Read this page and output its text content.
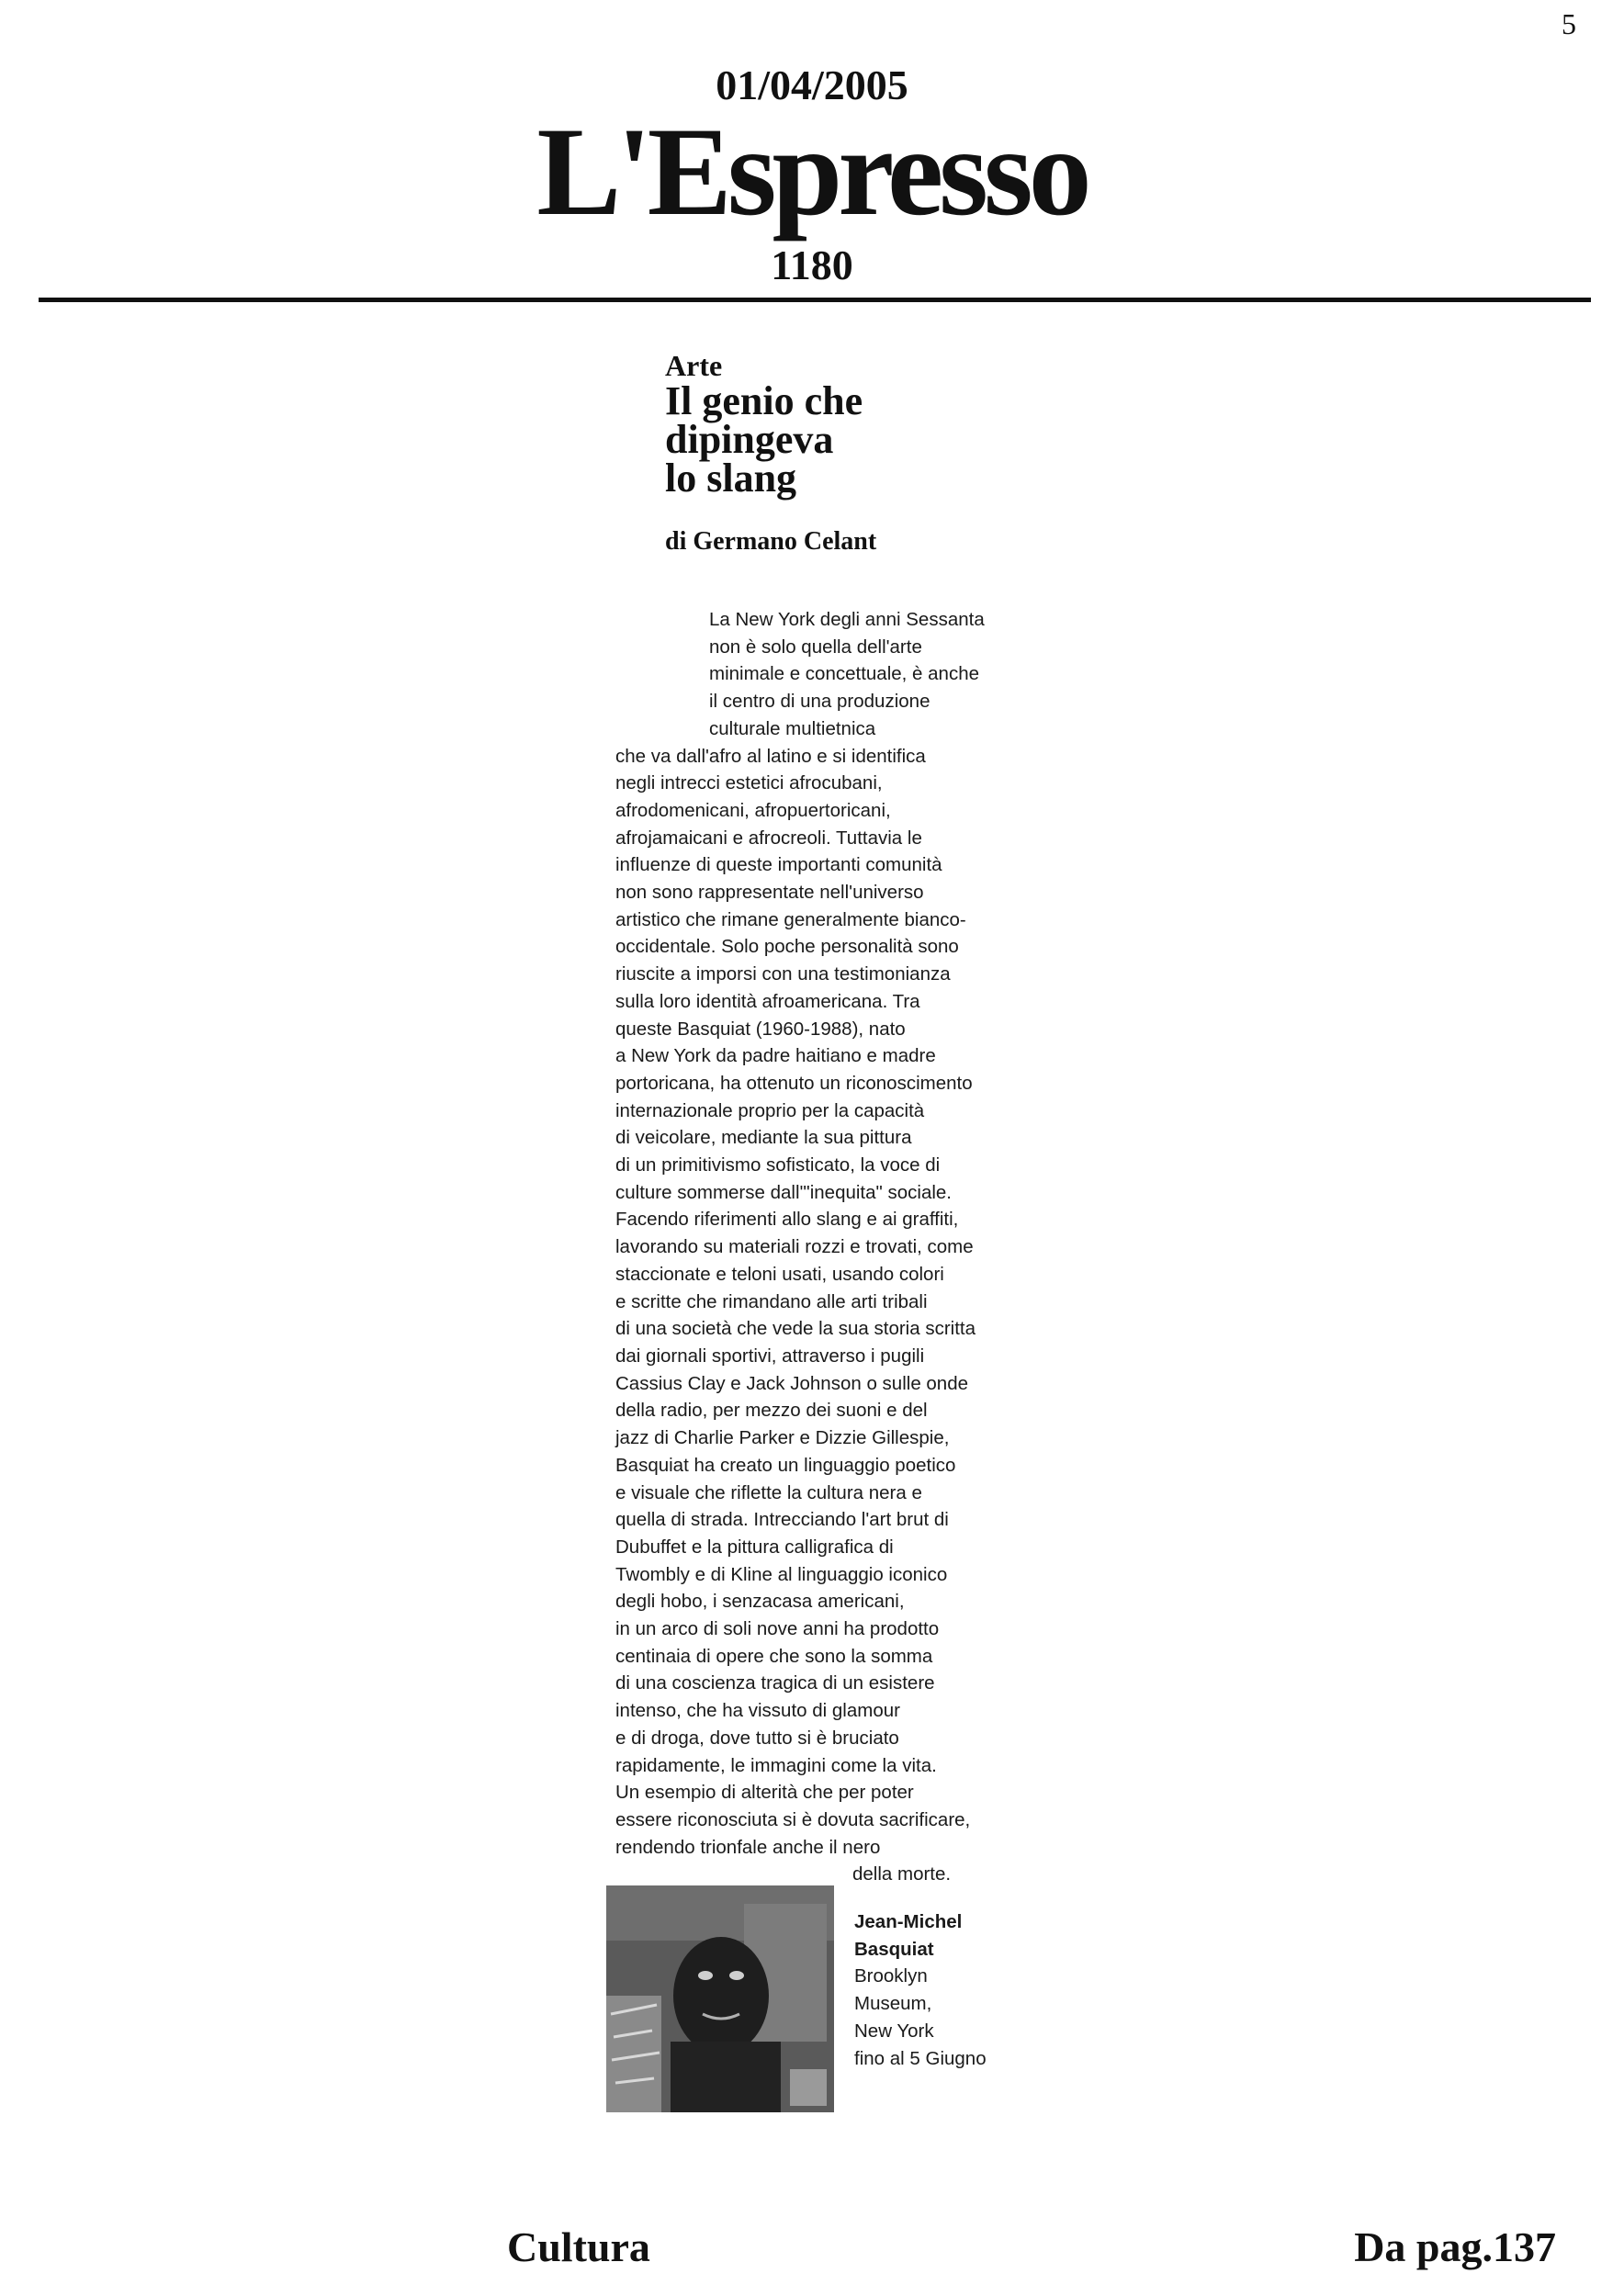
5
01/04/2005
L'Espresso
1180
Arte
Il genio che
dipingeva
lo slang
di Germano Celant
La New York degli anni Sessanta
non è solo quella dell'arte
minimale e concettuale, è anche
il centro di una produzione
culturale multietnica
che va dall'afro al latino e si identifica
negli intrecci estetici afrocubani,
afrodomenicani, afropuertoricani,
afrojamaicani e afrocreoli. Tuttavia le
influenze di queste importanti comunità
non sono rappresentate nell'universo
artistico che rimane generalmente bianco-
occidentale. Solo poche personalità sono
riuscite a imporsi con una testimonianza
sulla loro identità afroamericana. Tra
queste Basquiat (1960-1988), nato
a New York da padre haitiano e madre
portoricana, ha ottenuto un riconoscimento
internazionale proprio per la capacità
di veicolare, mediante la sua pittura
di un primitivismo sofisticato, la voce di
culture sommerse dall'"inequita" sociale.
Facendo riferimenti allo slang e ai graffiti,
lavorando su materiali rozzi e trovati, come
staccionate e teloni usati, usando colori
e scritte che rimandano alle arti tribali
di una società che vede la sua storia scritta
dai giornali sportivi, attraverso i pugili
Cassius Clay e Jack Johnson o sulle onde
della radio, per mezzo dei suoni e del
jazz di Charlie Parker e Dizzie Gillespie,
Basquiat ha creato un linguaggio poetico
e visuale che riflette la cultura nera e
quella di strada. Intrecciando l'art brut di
Dubuffet e la pittura calligrafica di
Twombly e di Kline al linguaggio iconico
degli hobo, i senzacasa americani,
in un arco di soli nove anni ha prodotto
centinaia di opere che sono la somma
di una coscienza tragica di un esistere
intenso, che ha vissuto di glamour
e di droga, dove tutto si è bruciato
rapidamente, le immagini come la vita.
Un esempio di alterità che per poter
essere riconosciuta si è dovuta sacrificare,
rendendo trionfale anche il nero
della morte.
Jean-Michel
Basquiat
Brooklyn
Museum,
New York
fino al 5 Giugno
Cultura	Da pag.137
